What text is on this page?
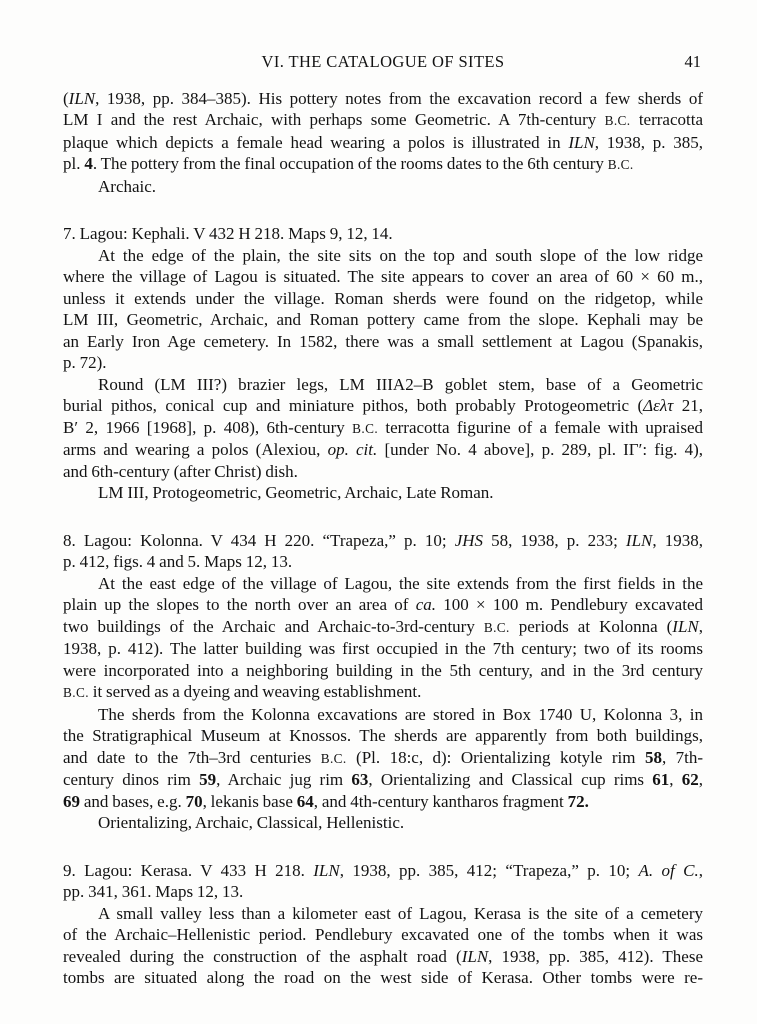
VI. THE CATALOGUE OF SITES	41
(ILN, 1938, pp. 384–385). His pottery notes from the excavation record a few sherds of
LM I and the rest Archaic, with perhaps some Geometric. A 7th-century B.C. terracotta
plaque which depicts a female head wearing a polos is illustrated in ILN, 1938, p. 385,
pl. 4. The pottery from the final occupation of the rooms dates to the 6th century B.C.
Archaic.
7. Lagou: Kephali. V 432 H 218. Maps 9, 12, 14.
At the edge of the plain, the site sits on the top and south slope of the low ridge
where the village of Lagou is situated. The site appears to cover an area of 60 × 60 m.,
unless it extends under the village. Roman sherds were found on the ridgetop, while
LM III, Geometric, Archaic, and Roman pottery came from the slope. Kephali may be
an Early Iron Age cemetery. In 1582, there was a small settlement at Lagou (Spanakis,
p. 72).
Round (LM III?) brazier legs, LM IIIA2–B goblet stem, base of a Geometric
burial pithos, conical cup and miniature pithos, both probably Protogeometric (Δελτ 21,
B′ 2, 1966 [1968], p. 408), 6th-century B.C. terracotta figurine of a female with upraised
arms and wearing a polos (Alexiou, op. cit. [under No. 4 above], p. 289, pl. ΙΓ′: fig. 4),
and 6th-century (after Christ) dish.
LM III, Protogeometric, Geometric, Archaic, Late Roman.
8. Lagou: Kolonna. V 434 H 220. “Trapeza,” p. 10; JHS 58, 1938, p. 233; ILN, 1938,
p. 412, figs. 4 and 5. Maps 12, 13.
At the east edge of the village of Lagou, the site extends from the first fields in the
plain up the slopes to the north over an area of ca. 100 × 100 m. Pendlebury excavated
two buildings of the Archaic and Archaic-to-3rd-century B.C. periods at Kolonna (ILN,
1938, p. 412). The latter building was first occupied in the 7th century; two of its rooms
were incorporated into a neighboring building in the 5th century, and in the 3rd century
B.C. it served as a dyeing and weaving establishment.
The sherds from the Kolonna excavations are stored in Box 1740 U, Kolonna 3, in
the Stratigraphical Museum at Knossos. The sherds are apparently from both buildings,
and date to the 7th–3rd centuries B.C. (Pl. 18:c, d): Orientalizing kotyle rim 58, 7th-
century dinos rim 59, Archaic jug rim 63, Orientalizing and Classical cup rims 61, 62,
69 and bases, e.g. 70, lekanis base 64, and 4th-century kantharos fragment 72.
Orientalizing, Archaic, Classical, Hellenistic.
9. Lagou: Kerasa. V 433 H 218. ILN, 1938, pp. 385, 412; “Trapeza,” p. 10; A. of C.,
pp. 341, 361. Maps 12, 13.
A small valley less than a kilometer east of Lagou, Kerasa is the site of a cemetery
of the Archaic–Hellenistic period. Pendlebury excavated one of the tombs when it was
revealed during the construction of the asphalt road (ILN, 1938, pp. 385, 412). These
tombs are situated along the road on the west side of Kerasa. Other tombs were re-
